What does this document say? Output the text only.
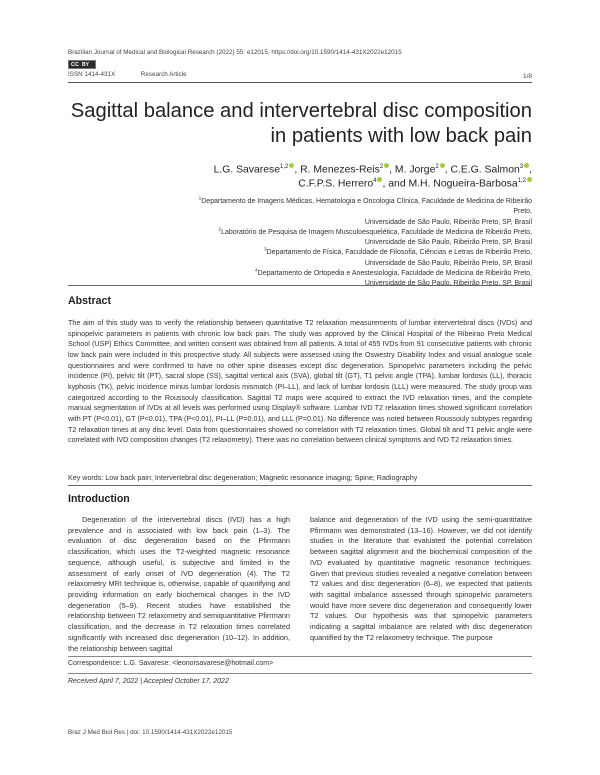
Brazilian Journal of Medical and Biological Research (2022) 55: e12015, https://doi.org/10.1590/1414-431X2022e12015
CC BY
ISSN 1414-431X	Research Article	1/8
Sagittal balance and intervertebral disc composition in patients with low back pain
L.G. Savarese$^{1,2}$ , R. Menezes-Reis$^2$ , M. Jorge$^2$ , C.E.G. Salmon$^3$ ,
C.F.P.S. Herrero$^4$ , and M.H. Nogueira-Barbosa$^{1,2}$
$^1$Departamento de Imagens Médicas, Hematologia e Oncologia Clínica, Faculdade de Medicina de Ribeirão Preto,
Universidade de São Paulo, Ribeirão Preto, SP, Brasil
$^2$Laboratório de Pesquisa de Imagem Musculoesquelética, Faculdade de Medicina de Ribeirão Preto,
Universidade de São Paulo, Ribeirão Preto, SP, Brasil
$^3$Departamento de Física, Faculdade de Filosofia, Ciências e Letras de Ribeirão Preto,
Universidade de São Paulo, Ribeirão Preto, SP, Brasil
$^4$Departamento de Ortopedia e Anestesiologia, Faculdade de Medicina de Ribeirão Preto,
Universidade de São Paulo, Ribeirão Preto, SP, Brasil
Abstract
The aim of this study was to verify the relationship between quantitative T2 relaxation measurements of lumbar intervertebral discs (IVDs) and spinopelvic parameters in patients with chronic low back pain. The study was approved by the Clinical Hospital of the Ribeirao Preto Medical School (USP) Ethics Committee, and written consent was obtained from all patients. A total of 455 IVDs from 91 consecutive patients with chronic low back pain were included in this prospective study. All subjects were assessed using the Oswestry Disability Index and visual analogue scale questionnaires and were confirmed to have no other spine diseases except disc degeneration. Spinopelvic parameters including the pelvic incidence (PI), pelvic tilt (PT), sacral slope (SS), sagittal vertical axis (SVA), global tilt (GT), T1 pelvic angle (TPA), lumbar lordosis (LL), thoracic kyphosis (TK), pelvic incidence minus lumbar lordosis mismatch (PI–LL), and lack of lumbar lordosis (LLL) were measured. The study group was categorized according to the Roussouly classification. Sagittal T2 maps were acquired to extract the IVD relaxation times, and the complete manual segmentation of IVDs at all levels was performed using Display® software. Lumbar IVD T2 relaxation times showed significant correlation with PT (P<0.01), GT (P<0.01), TPA (P<0.01), PI–LL (P=0.01), and LLL (P=0.01). No difference was noted between Roussouly subtypes regarding T2 relaxation times at any disc level. Data from questionnaires showed no correlation with T2 relaxation times. Global tilt and T1 pelvic angle were correlated with IVD composition changes (T2 relaxometry). There was no correlation between clinical symptoms and IVD T2 relaxation times.
Key words: Low back pain; Intervertebral disc degeneration; Magnetic resonance imaging; Spine; Radiography
Introduction
Degeneration of the intervertebral discs (IVD) has a high prevalence and is associated with low back pain (1–3). The evaluation of disc degeneration based on the Pfirrmann classification, which uses the T2-weighted magnetic resonance sequence, although useful, is subjective and limited in the assessment of early onset of IVD degeneration (4). The T2 relaxometry MRI technique is, otherwise, capable of quantifying and providing information on early biochemical changes in the IVD degeneration (5–9). Recent studies have established the relationship between T2 relaxometry and semiquantitative Pfirrmann classification, and the decrease in T2 relaxation times correlated significantly with increased disc degeneration (10–12). In addition, the relationship between sagittal
balance and degeneration of the IVD using the semi-quantitative Pfirrmann was demonstrated (13–16). However, we did not identify studies in the literature that evaluated the potential correlation between sagittal alignment and the biochemical composition of the IVD evaluated by quantitative magnetic resonance techniques. Given that previous studies revealed a negative correlation between T2 values and disc degeneration (6–8), we expected that patients with sagittal imbalance assessed through spinopelvic parameters would have more severe disc degeneration and consequently lower T2 values. Our hypothesis was that spinopelvic parameters indicating a sagittal imbalance are related with disc degeneration quantified by the T2 relaxometry technique. The purpose
Correspondence: L.G. Savarese: <leonorsavarese@hotmail.com>
Received April 7, 2022 | Accepted October 17, 2022
Braz J Med Biol Res | doi: 10.1590/1414-431X2022e12015
